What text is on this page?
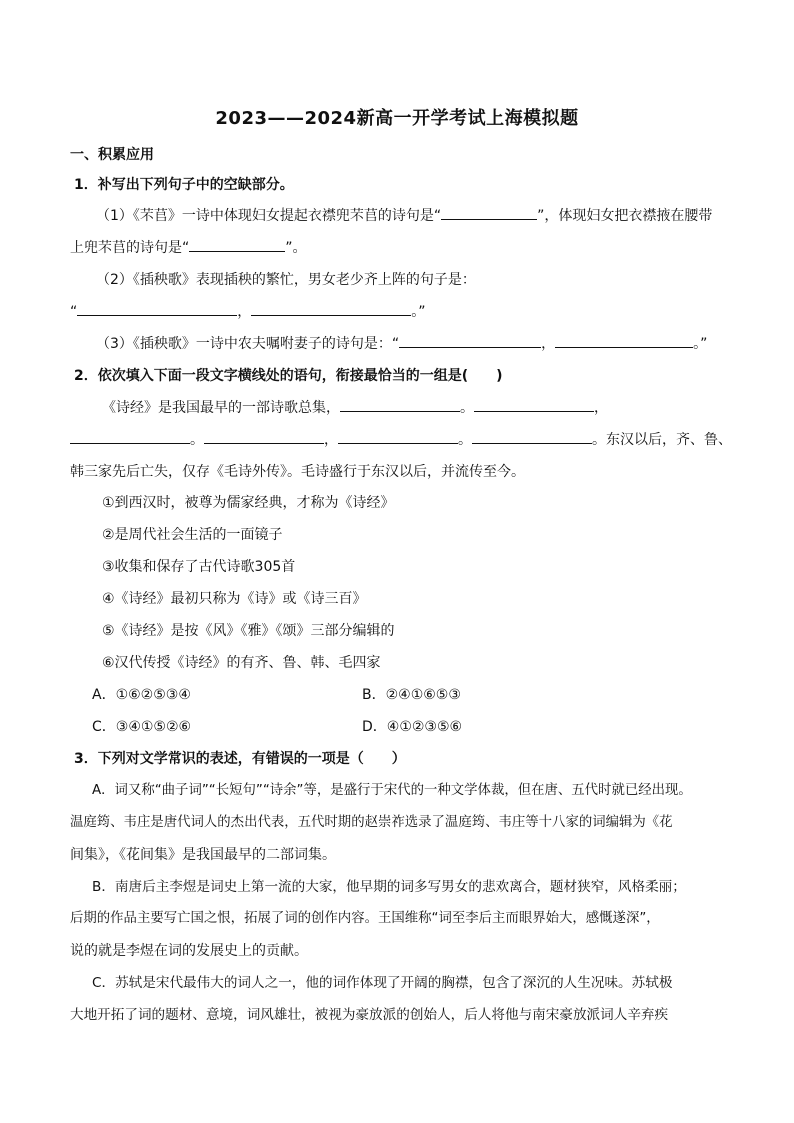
2023——2024新高一开学考试上海模拟题
一、积累应用
1．补写出下列句子中的空缺部分。
（1）《芣苢》一诗中体现妇女提起衣襟兜芣苢的诗句是“	”，体现妇女把衣襟掖在腰带
上兜芣苢的诗句是“	”。
（2）《插秧歌》表现插秧的繁忙，男女老少齐上阵的句子是：
“	，	。”
（3）《插秧歌》一诗中农夫嘱咐妻子的诗句是：“	，	。”
2．依次填入下面一段文字横线处的语句，衔接最恰当的一组是(　　)
《诗经》是我国最早的一部诗歌总集，	。	，
。	，	。	。东汉以后，齐、鲁、
韩三家先后亡失，仅存《毛诗外传》。毛诗盛行于东汉以后，并流传至今。
①到西汉时，被尊为儒家经典，才称为《诗经》
②是周代社会生活的一面镜子
③收集和保存了古代诗歌305首
④《诗经》最初只称为《诗》或《诗三百》
⑤《诗经》是按《风》《雅》《颂》三部分编辑的
⑥汉代传授《诗经》的有齐、鲁、韩、毛四家
A．①⑥②⑤③④	B．②④①⑥⑤③
C．③④①⑤②⑥	D．④①②③⑤⑥
3．下列对文学常识的表述，有错误的一项是（　　）
A．词又称“曲子词”“长短句”“诗余”等，是盛行于宋代的一种文学体裁，但在唐、五代时就已经出现。
温庭筠、韦庄是唐代词人的杰出代表，五代时期的赵崇祚选录了温庭筠、韦庄等十八家的词编辑为《花
间集》，《花间集》是我国最早的二部词集。
B．南唐后主李煜是词史上第一流的大家，他早期的词多写男女的悲欢离合，题材狭窄，风格柔丽；
后期的作品主要写亡国之恨，拓展了词的创作内容。王国维称“词至李后主而眼界始大，感慨遂深”，
说的就是李煜在词的发展史上的贡献。
C．苏轼是宋代最伟大的词人之一，他的词作体现了开阔的胸襟，包含了深沉的人生况味。苏轼极
大地开拓了词的题材、意境，词风雄壮，被视为豪放派的创始人，后人将他与南宋豪放派词人辛弃疾
